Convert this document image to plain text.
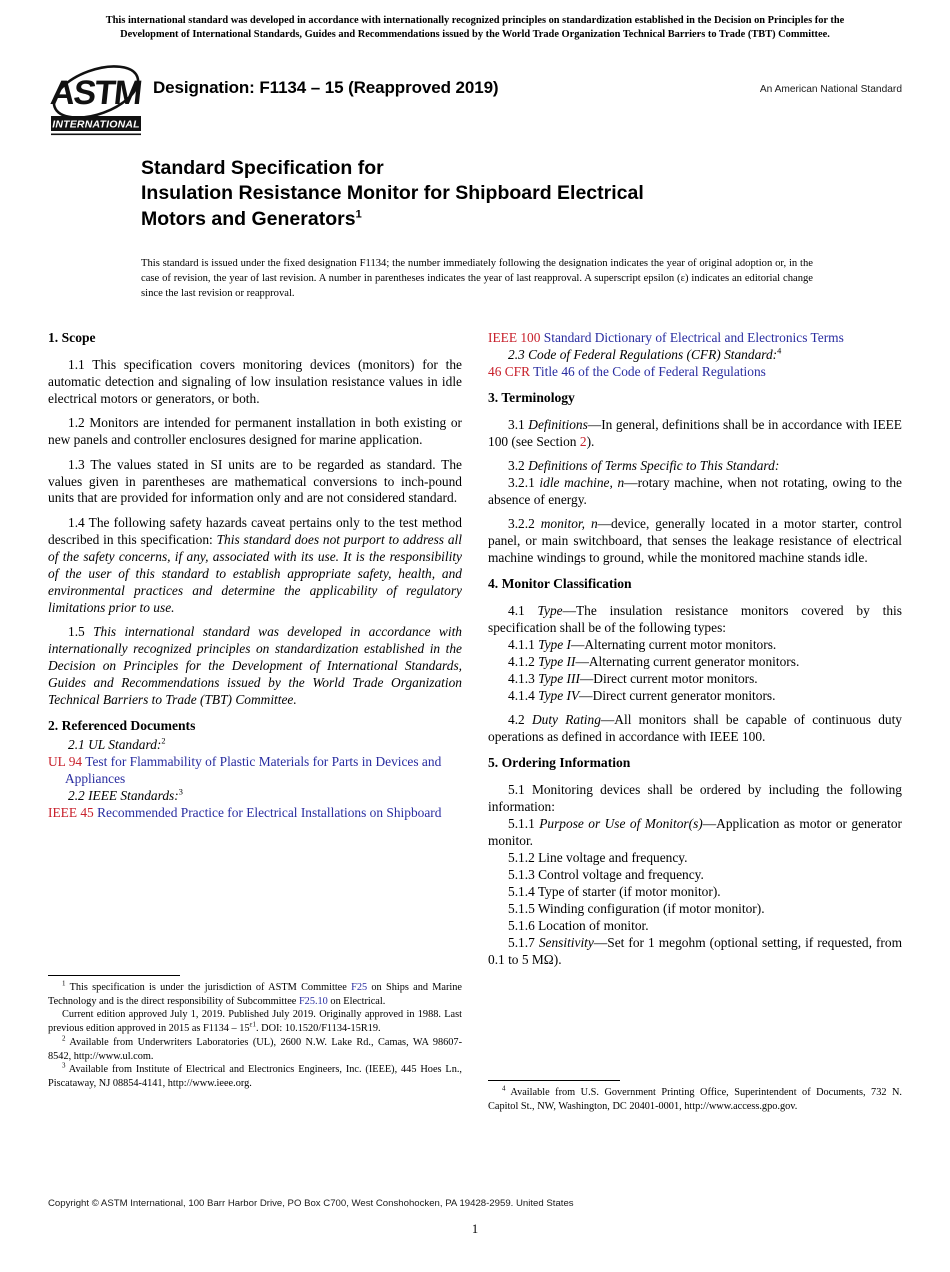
This international standard was developed in accordance with internationally recognized principles on standardization established in the Decision on Principles for the
Development of International Standards, Guides and Recommendations issued by the World Trade Organization Technical Barriers to Trade (TBT) Committee.
ASTM
INTERNATIONAL
Designation: F1134 – 15 (Reapproved 2019)	An American National Standard
Standard Specification for
Insulation Resistance Monitor for Shipboard Electrical
Motors and Generators$^1$
This standard is issued under the fixed designation F1134; the number immediately following the designation indicates the year of original adoption or, in the case of revision, the year of last revision. A number in parentheses indicates the year of last reapproval. A superscript epsilon (ε) indicates an editorial change since the last revision or reapproval.
1. Scope

1.1 This specification covers monitoring devices (monitors) for the automatic detection and signaling of low insulation resistance values in idle electrical motors or generators, or both.

1.2 Monitors are intended for permanent installation in both existing or new panels and controller enclosures designed for marine application.

1.3 The values stated in SI units are to be regarded as standard. The values given in parentheses are mathematical conversions to inch-pound units that are provided for information only and are not considered standard.

1.4 The following safety hazards caveat pertains only to the test method described in this specification: This standard does not purport to address all of the safety concerns, if any, associated with its use. It is the responsibility of the user of this standard to establish appropriate safety, health, and environmental practices and determine the applicability of regulatory limitations prior to use.

1.5 This international standard was developed in accordance with internationally recognized principles on standardization established in the Decision on Principles for the Development of International Standards, Guides and Recommendations issued by the World Trade Organization Technical Barriers to Trade (TBT) Committee.

2. Referenced Documents

2.1 UL Standard:$^2$

UL 94 Test for Flammability of Plastic Materials for Parts in Devices and Appliances

2.2 IEEE Standards:$^3$

IEEE 45 Recommended Practice for Electrical Installations on Shipboard

$^1$ This specification is under the jurisdiction of ASTM Committee F25 on Ships and Marine Technology and is the direct responsibility of Subcommittee F25.10 on Electrical.

Current edition approved July 1, 2019. Published July 2019. Originally approved in 1988. Last previous edition approved in 2015 as $F1134 - 15^{\varepsilon 1}$. DOI: 10.1520/F1134-15R19.

$^2$ Available from Underwriters Laboratories (UL), 2600 N.W. Lake Rd., Camas, WA 98607-8542, http://www.ul.com.

$^3$ Available from Institute of Electrical and Electronics Engineers, Inc. (IEEE), 445 Hoes Ln., Piscataway, NJ 08854-4141, http://www.ieee.org.

IEEE 100 Standard Dictionary of Electrical and Electronics Terms

2.3 Code of Federal Regulations (CFR) Standard:$^4$

46 CFR Title 46 of the Code of Federal Regulations

3. Terminology

3.1 Definitions—In general, definitions shall be in accordance with IEEE 100 (see Section 2).

3.2 Definitions of Terms Specific to This Standard:

3.2.1 idle machine, n—rotary machine, when not rotating, owing to the absence of energy.

3.2.2 monitor, n—device, generally located in a motor starter, control panel, or main switchboard, that senses the leakage resistance of electrical machine windings to ground, while the monitored machine stands idle.

4. Monitor Classification

4.1 Type—The insulation resistance monitors covered by this specification shall be of the following types:

4.1.1 Type I—Alternating current motor monitors.

4.1.2 Type II—Alternating current generator monitors.

4.1.3 Type III—Direct current motor monitors.

4.1.4 Type IV—Direct current generator monitors.

4.2 Duty Rating—All monitors shall be capable of continuous duty operations as defined in accordance with IEEE 100.

5. Ordering Information

5.1 Monitoring devices shall be ordered by including the following information:

5.1.1 Purpose or Use of Monitor(s)—Application as motor or generator monitor.

5.1.2 Line voltage and frequency.

5.1.3 Control voltage and frequency.

5.1.4 Type of starter (if motor monitor).

5.1.5 Winding configuration (if motor monitor).

5.1.6 Location of monitor.

5.1.7 Sensitivity—Set for 1 megohm (optional setting, if requested, from 0.1 to 5 MΩ).

$^4$ Available from U.S. Government Printing Office, Superintendent of Documents, 732 N. Capitol St., NW, Washington, DC 20401-0001, http://www.access.gpo.gov.

Copyright © ASTM International, 100 Barr Harbor Drive, PO Box C700, West Conshohocken, PA 19428-2959. United States
1
